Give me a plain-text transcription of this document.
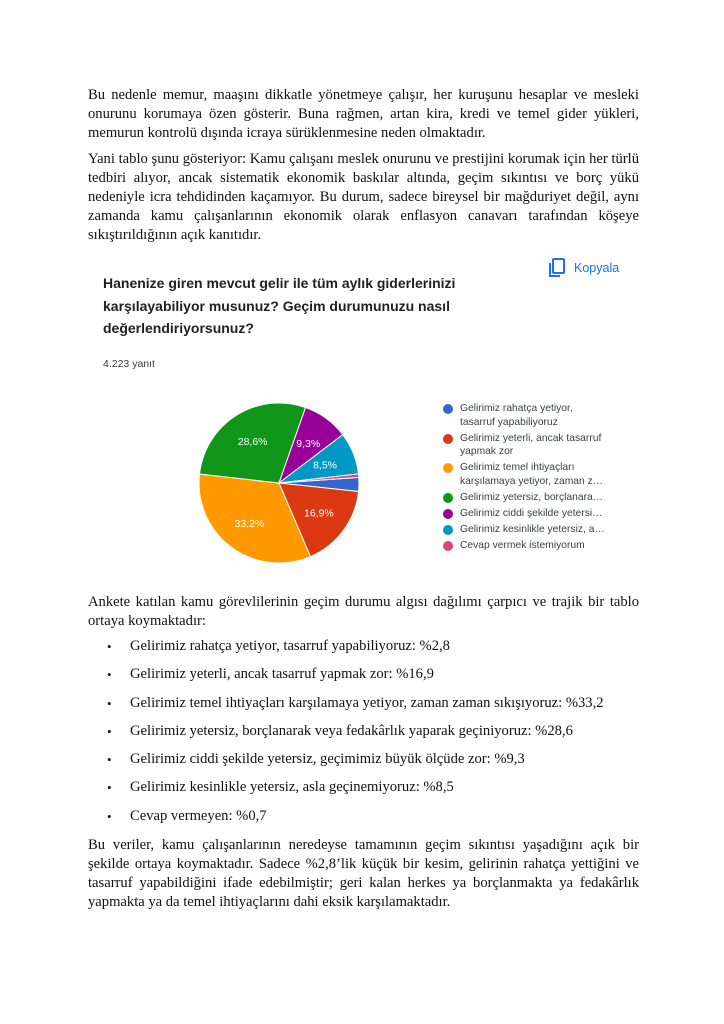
Bu nedenle memur, maaşını dikkatle yönetmeye çalışır, her kuruşunu hesaplar ve mesleki onurunu korumaya özen gösterir. Buna rağmen, artan kira, kredi ve temel gider yükleri, memurun kontrolü dışında icraya sürüklenmesine neden olmaktadır.

Yani tablo şunu gösteriyor: Kamu çalışanı meslek onurunu ve prestijini korumak için her türlü tedbiri alıyor, ancak sistematik ekonomik baskılar altında, geçim sıkıntısı ve borç yükü nedeniyle icra tehdidinden kaçamıyor. Bu durum, sadece bireysel bir mağduriyet değil, aynı zamanda kamu çalışanlarının ekonomik olarak enflasyon canavarı tarafından köşeye sıkıştırıldığının açık kanıtıdır.

Kopyala

Hanenize giren mevcut gelir ile tüm aylık giderlerinizi karşılayabiliyor musunuz? Geçim durumunuzu nasıl değerlendiriyorsunuz?

4.223 yanıt
16,9%
33,2%
28,6%	9,3%
8,5%
Gelirimiz rahatça yetiyor,
tasarruf yapabiliyoruz
Gelirimiz yeterli, ancak tasarruf
yapmak zor
Gelirimiz temel ihtiyaçları
karşılamaya yetiyor, zaman z…
Gelirimiz yetersiz, borçlanara…
Gelirimiz ciddi şekilde yetersi…
Gelirimiz kesinlikle yetersiz, a…
Cevap vermek istemiyorum

Ankete katılan kamu görevlilerinin geçim durumu algısı dağılımı çarpıcı ve trajik bir tablo ortaya koymaktadır:

• Gelirimiz rahatça yetiyor, tasarruf yapabiliyoruz: %2,8
• Gelirimiz yeterli, ancak tasarruf yapmak zor: %16,9
• Gelirimiz temel ihtiyaçları karşılamaya yetiyor, zaman zaman sıkışıyoruz: %33,2
• Gelirimiz yetersiz, borçlanarak veya fedakârlık yaparak geçiniyoruz: %28,6
• Gelirimiz ciddi şekilde yetersiz, geçimimiz büyük ölçüde zor: %9,3
• Gelirimiz kesinlikle yetersiz, asla geçinemiyoruz: %8,5
• Cevap vermeyen: %0,7

Bu veriler, kamu çalışanlarının neredeyse tamamının geçim sıkıntısı yaşadığını açık bir şekilde ortaya koymaktadır. Sadece %2,8’lik küçük bir kesim, gelirinin rahatça yettiğini ve tasarruf yapabildiğini ifade edebilmiştir; geri kalan herkes ya borçlanmakta ya fedakârlık yapmakta ya da temel ihtiyaçlarını dahi eksik karşılamaktadır.
